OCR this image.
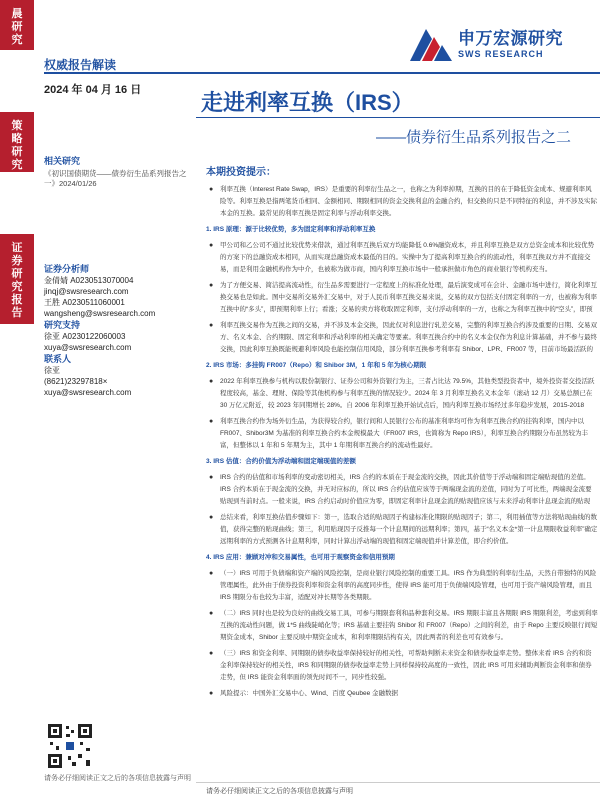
晨研究
策略研究
证券研究报告
申万宏源研究
SWS RESEARCH
权威报告解读
2024 年 04 月 16 日	走进利率互换（IRS）
——债券衍生品系列报告之二
相关研究
《初识国债期货——债券衍生品系列报告之一》2024/01/26
证券分析师
金倩婧 A0230513070004
jinqj@swsresearch.com
王胜 A0230511060001
wangsheng@swsresearch.com
研究支持
徐亚 A0230122060003
xuya@swsresearch.com
联系人
徐亚
(8621)23297818×
xuya@swsresearch.com
请务必仔细阅读正文之后的各项信息披露与声明
本期投资提示：
● 利率互换（Interest Rate Swap，IRS）是重要的利率衍生品之一，也称之为利率掉期，互换的目的在于降低资金成本、规避利率风险等。利率互换是指两笔货币相同、金额相同、期限相同的资金交换利息的金融合约，但交换的只是不同特征的利息，并不涉及实际本金的互换。最常见的利率互换是固定利率与浮动利率交换。
1. IRS 原理：源于比较优势，多为固定利率和浮动利率互换
● 甲公司和乙公司不通过比较优势来借款，通过利率互换后双方均能降低 0.6%融资成本，并且利率互换是双方总资金成本和比较优势的方案下的总融资成本相同，从而实现总融资成本最低的目的。实操中为了提高利率互换合约的流动性，利率互换双方并不直接交易，而是利用金融机构作为中介，也被称为做市商，国内利率互换市场中一般承担做市角色的商业银行等机构充当。
● 为了方便交易、简洁提高流动性，衍生品多需要进行一定程度上的标准化处理，最后演变成可在会计、金融市场中进行，简化利率互换交易也是如此。图中交易所交易外汇交易中，对于人民币利率互换交易来说，交易的双方包括支付固定利率的一方，也被称为利率互换中的“多头”，即预期利率上行；看涨；交易的卖方将收取固定利率，支付浮动利率的一方，也称之为利率互换中的“空头”，即预
● 利率互换交易作为互换之间的交易，并不涉及本金交换，因此仅对利息进行轧差交易，完整的利率互换合约涉及重要的日期、交易双方、名义本金、合约期限、固定利率和浮动利率的相关确定等要素。利率互换合约中的名义本金仅作为利息计算基础，并不参与最终交换，因此利率互换既能规避利率风险也能控制信用风险，部分利率互换参考利率有 Shibor、LPR、FR007 等，目前市场最活跃的
2. IRS 市场：多挂钩 FR007（Repo）和 Shibor 3M，1 年和 5 年为核心期限
● 2022 年利率互换参与机构以股份制银行、证券公司和外资银行为主，三者占比达 79.5%，其他类型投资者中，境外投资者交投活跃程度较高，基金、理财、保险等其他机构参与利率互换的情况较少。2024 年 3 月利率互换名义本金年（滚动 12 月）交易总额已在 30 万亿元附近，较 2023 年同期增长 28%。自 2006 年利率互换开始试点后，国内利率互换市场经过多年稳步发展，2015-2018
● 利率互换合约作为场外衍生品，为获得较合约，银行间和人民银行公布的基准利率均可作为利率互换合约的挂钩利率，国内中以 FR007、Shibor3M 为基准的利率互换合约本金规模最大（FR007 IRS，也简称为 Repo IRS），利率互换合约期限分布虽然较为丰富，但整体以 1 年和 5 年期为主，其中 1 年期利率互换合约的流动性最好。
3. IRS 估值：合约价值为浮动端和固定端现值的差额
● IRS 合约的估值和市场利率的变动密切相关，IRS 合约的本质在于现金流的交换，因此其价值等于浮动端和固定端贴现值的差值。IRS 合约本质在于现金流的交换，并无对应标的，所以 IRS 合约估值应该等于两端现金流的差值，同时为了可比性，两端现金流要贴现到当前时点。一般来说，IRS 合约启动时价值应为零，即固定利率计息现金流的贴现值应该与未来浮动利率计息现金流的贴现
● 总结来看，利率互换估值步骤如下：第一，选取合适的贴现因子构建标准化期限的贴现因子；第二，利用插值等方法将贴现曲线的数值，获得完整的贴现曲线；第三，利用贴现因子反推每一个计息期间的远期利率；第四，基于“名义本金*第一计息期限收益利率”确定远期利率的方式预测各计息期利率，同时计算出浮动端的现值和固定端现值并计算差值，即合约价值。
4. IRS 应用：兼顾对冲和交易属性，也可用于观察资金和信用预期
● （一）IRS 可用于负债端和资产端的风险控制，是商业银行风险控制的重要工具。IRS 作为典型的利率衍生品，天然自带独特的风险管理属性，此外由于债券投资利率和资金利率的高度同步性，使得 IRS 能可用于负债端风险管理，也可用于资产端风险管理，而且 IRS 期限分布也较为丰富，适配对冲长期等各类期限。
● （二）IRS 同时也是较为良好的曲线交易工具，可参与期限套利和品种套利交易。IRS 期限丰富且各期限 IRS 期限利差，考虑到利率互换的流动性问题，做 1*5 曲线陡峭化等；IRS 基础主要挂钩 Shibor 和 FR007（Repo）之间的利差，由于 Repo 主要反映银行间短期资金成本，Shibor 主要反映中期资金成本，和利率期限结构有关，因此两者的利差也可有效参与。
● （三）IRS 和资金利率、同期限的债券收益率保持较好的相关性，可帮助判断未来资金和债券收益率走势。整体来看 IRS 合约和资金利率保持较好的相关性，IRS 和同期限的债券收益率走势上同样保持较高度的一致性，因此 IRS 可用来辅助判断资金利率和债券走势，但 IRS 能资金利率面的领先时间不一，同步性较强。
● 风险提示：中国外汇交易中心、Wind、百度 Qeubee 金融数据
请务必仔细阅读正文之后的各项信息披露与声明
